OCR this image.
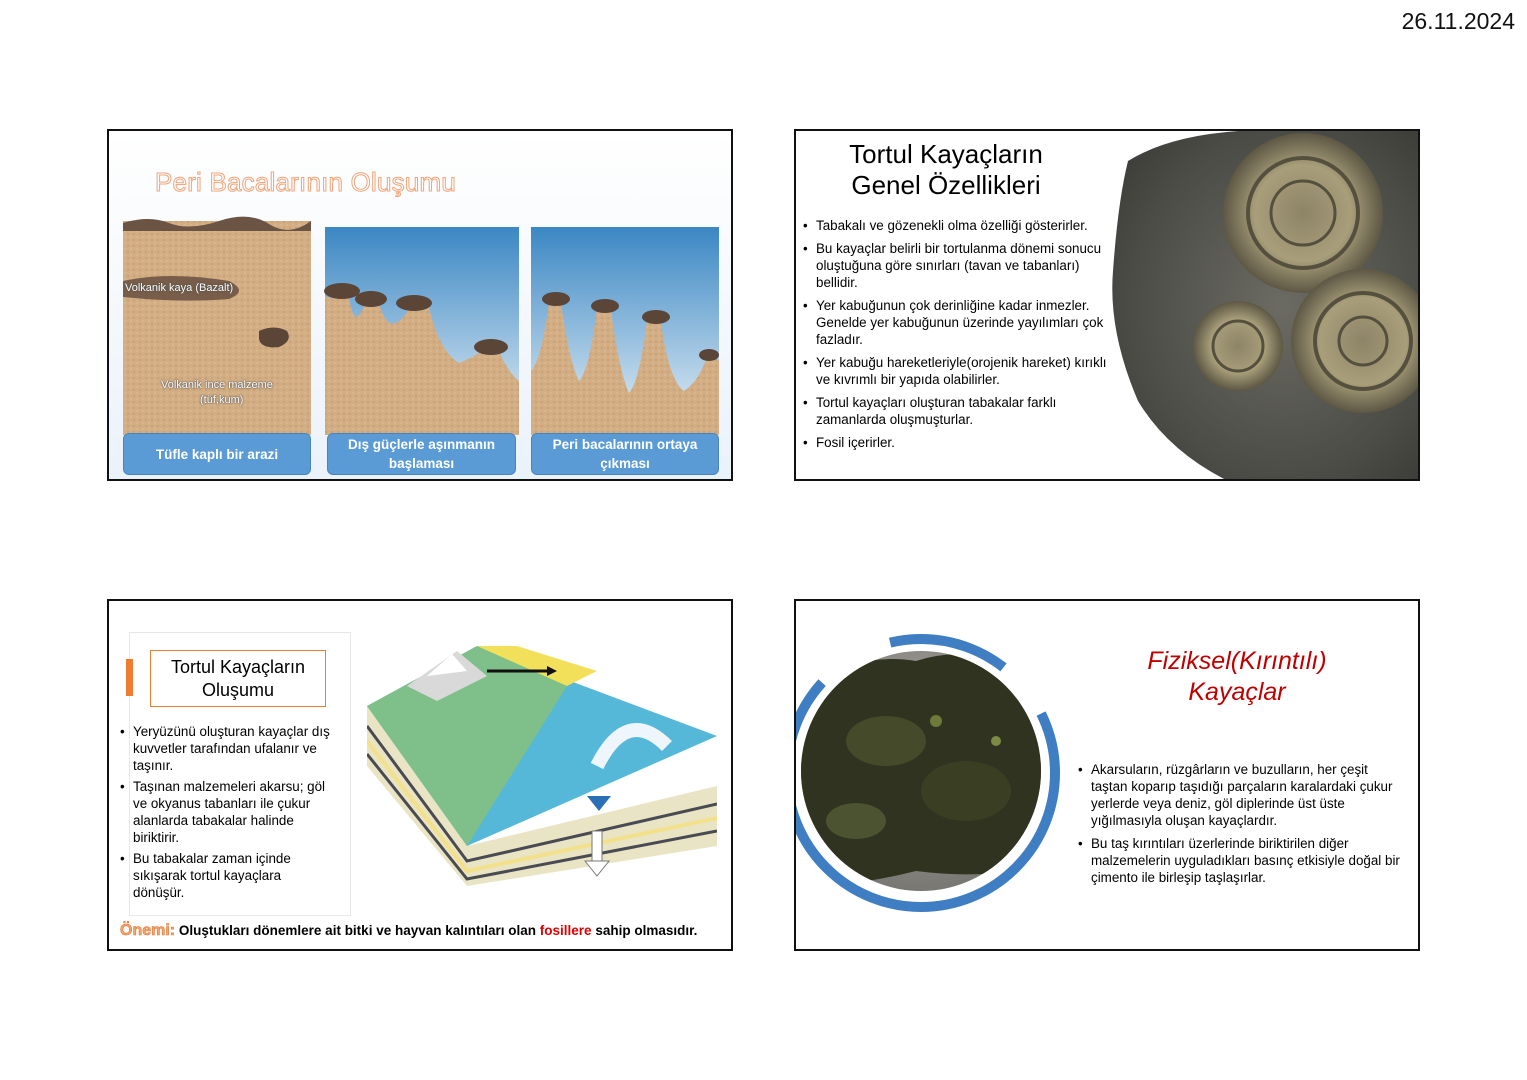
26.11.2024
Peri Bacalarının Oluşumu
Volkanik kaya (Bazalt)
Volkanik ince malzeme
(tüf,kum)
Tüfle kaplı bir arazi
Dış güçlerle aşınmanın başlaması
Peri bacalarının ortaya çıkması
Tortul Kayaçların
Genel Özellikleri
• Tabakalı ve gözenekli olma özelliği gösterirler.
• Bu kayaçlar belirli bir tortulanma dönemi sonucu oluştuğuna göre sınırları (tavan ve tabanları) bellidir.
• Yer kabuğunun çok derinliğine kadar inmezler. Genelde yer kabuğunun üzerinde yayılımları çok fazladır.
• Yer kabuğu hareketleriyle(orojenik hareket) kırıklı ve kıvrımlı bir yapıda olabilirler.
• Tortul kayaçları oluşturan tabakalar farklı zamanlarda oluşmuşturlar.
• Fosil içerirler.
Tortul Kayaçların
Oluşumu
• Yeryüzünü oluşturan kayaçlar dış kuvvetler tarafından ufalanır ve taşınır.
• Taşınan malzemeleri akarsu; göl ve okyanus tabanları ile çukur alanlarda tabakalar halinde biriktirir.
• Bu tabakalar zaman içinde sıkışarak tortul kayaçlara dönüşür.
Önemi: Oluştukları dönemlere ait bitki ve hayvan kalıntıları olan fosillere sahip olmasıdır.
Fiziksel(Kırıntılı)
Kayaçlar
• Akarsuların, rüzgârların ve buzulların, her çeşit taştan koparıp taşıdığı parçaların karalardaki çukur yerlerde veya deniz, göl diplerinde üst üste yığılmasıyla oluşan kayaçlardır.
• Bu taş kırıntıları üzerlerinde biriktirilen diğer malzemelerin uyguladıkları basınç etkisiyle doğal bir çimento ile birleşip taşlaşırlar.
